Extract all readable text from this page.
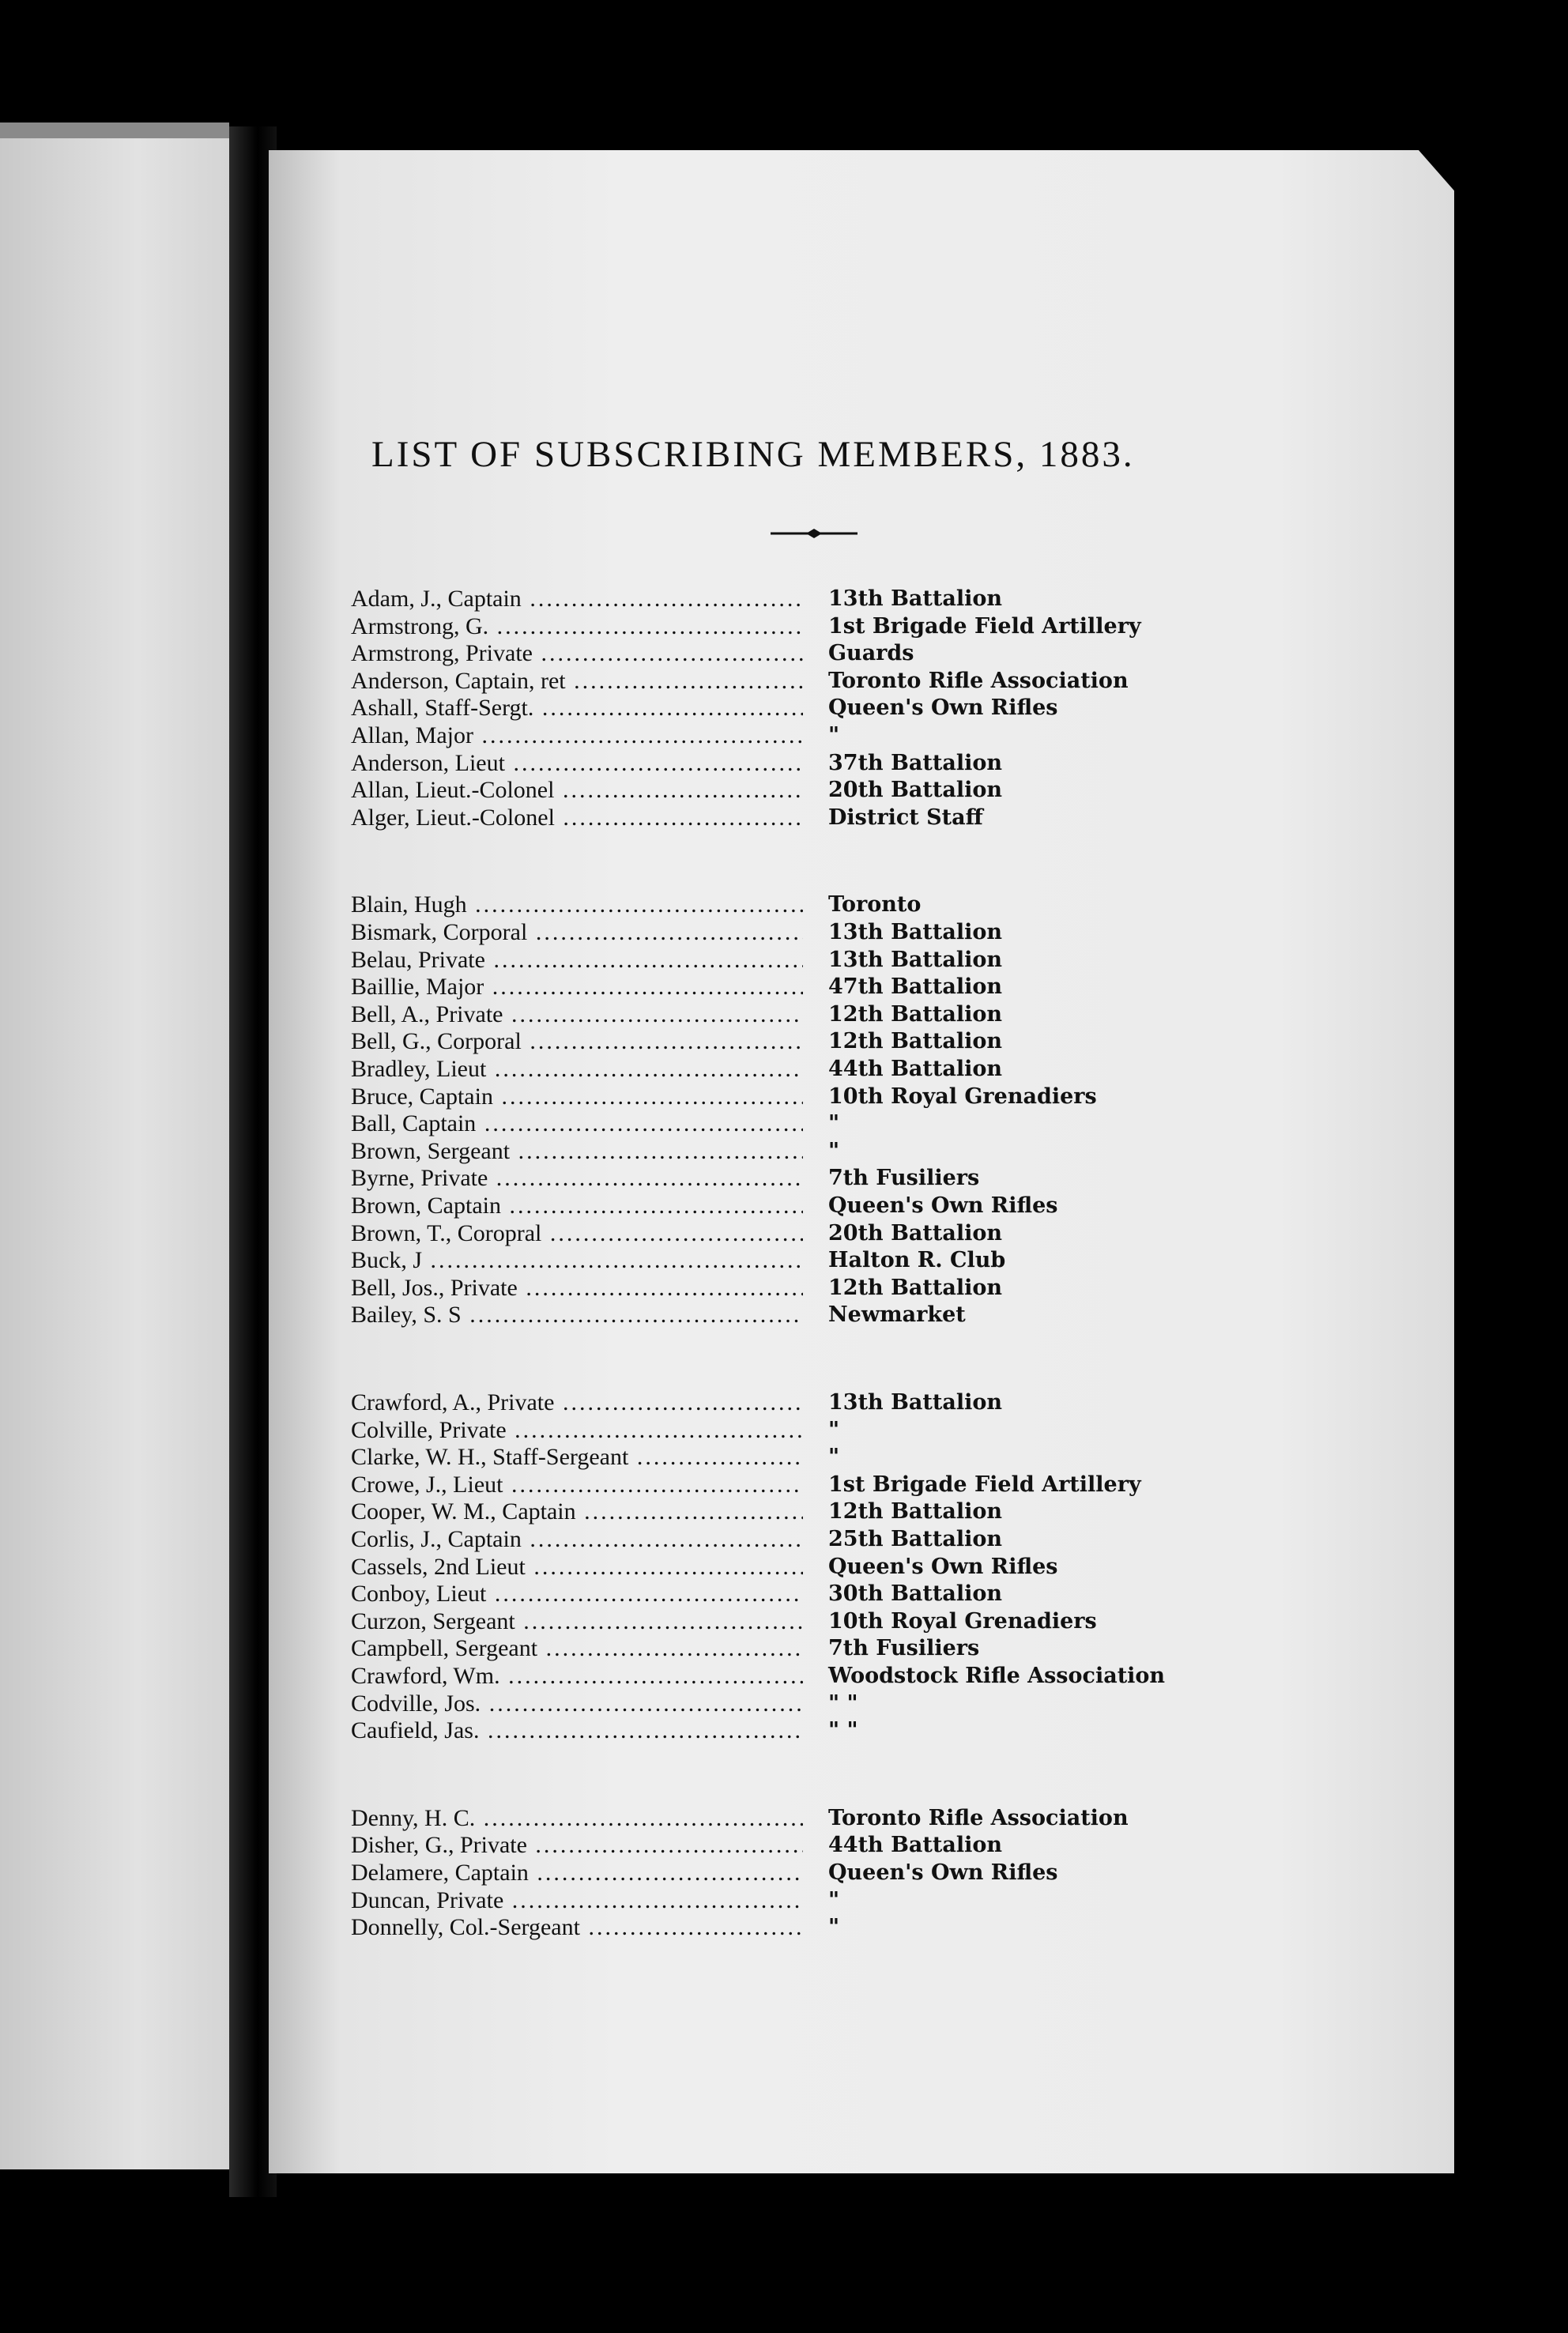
LIST OF SUBSCRIBING MEMBERS, 1883.
Adam, J., Captain .....	13th Battalion
Armstrong, G. .....	1st Brigade Field Artillery
Armstrong, Private .....	Guards
Anderson, Captain, ret .....	Toronto Rifle Association
Ashall, Staff-Sergt. .....	Queen's Own Rifles
Allan, Major .....	"
Anderson, Lieut .....	37th Battalion
Allan, Lieut.-Colonel .....	20th Battalion
Alger, Lieut.-Colonel .....	District Staff
Blain, Hugh .....	Toronto
Bismark, Corporal .....	13th Battalion
Belau, Private .....	13th Battalion
Baillie, Major .....	47th Battalion
Bell, A., Private .....	12th Battalion
Bell, G., Corporal .....	12th Battalion
Bradley, Lieut .....	44th Battalion
Bruce, Captain .....	10th Royal Grenadiers
Ball, Captain .....	"
Brown, Sergeant .....	"
Byrne, Private .....	7th Fusiliers
Brown, Captain .....	Queen's Own Rifles
Brown, T., Coropral .....	20th Battalion
Buck, J .....	Halton R. Club
Bell, Jos., Private .....	12th Battalion
Bailey, S. S .....	Newmarket
Crawford, A., Private .....	13th Battalion
Colville, Private .....	"
Clarke, W. H., Staff-Sergeant .....	"
Crowe, J., Lieut .....	1st Brigade Field Artillery
Cooper, W. M., Captain .....	12th Battalion
Corlis, J., Captain .....	25th Battalion
Cassels, 2nd Lieut .....	Queen's Own Rifles
Conboy, Lieut .....	30th Battalion
Curzon, Sergeant .....	10th Royal Grenadiers
Campbell, Sergeant .....	7th Fusiliers
Crawford, Wm. .....	Woodstock Rifle Association
Codville, Jos. .....	" "
Caufield, Jas. .....	" "
Denny, H. C. .....	Toronto Rifle Association
Disher, G., Private .....	44th Battalion
Delamere, Captain .....	Queen's Own Rifles
Duncan, Private .....	"
Donnelly, Col.-Sergeant .....	"
